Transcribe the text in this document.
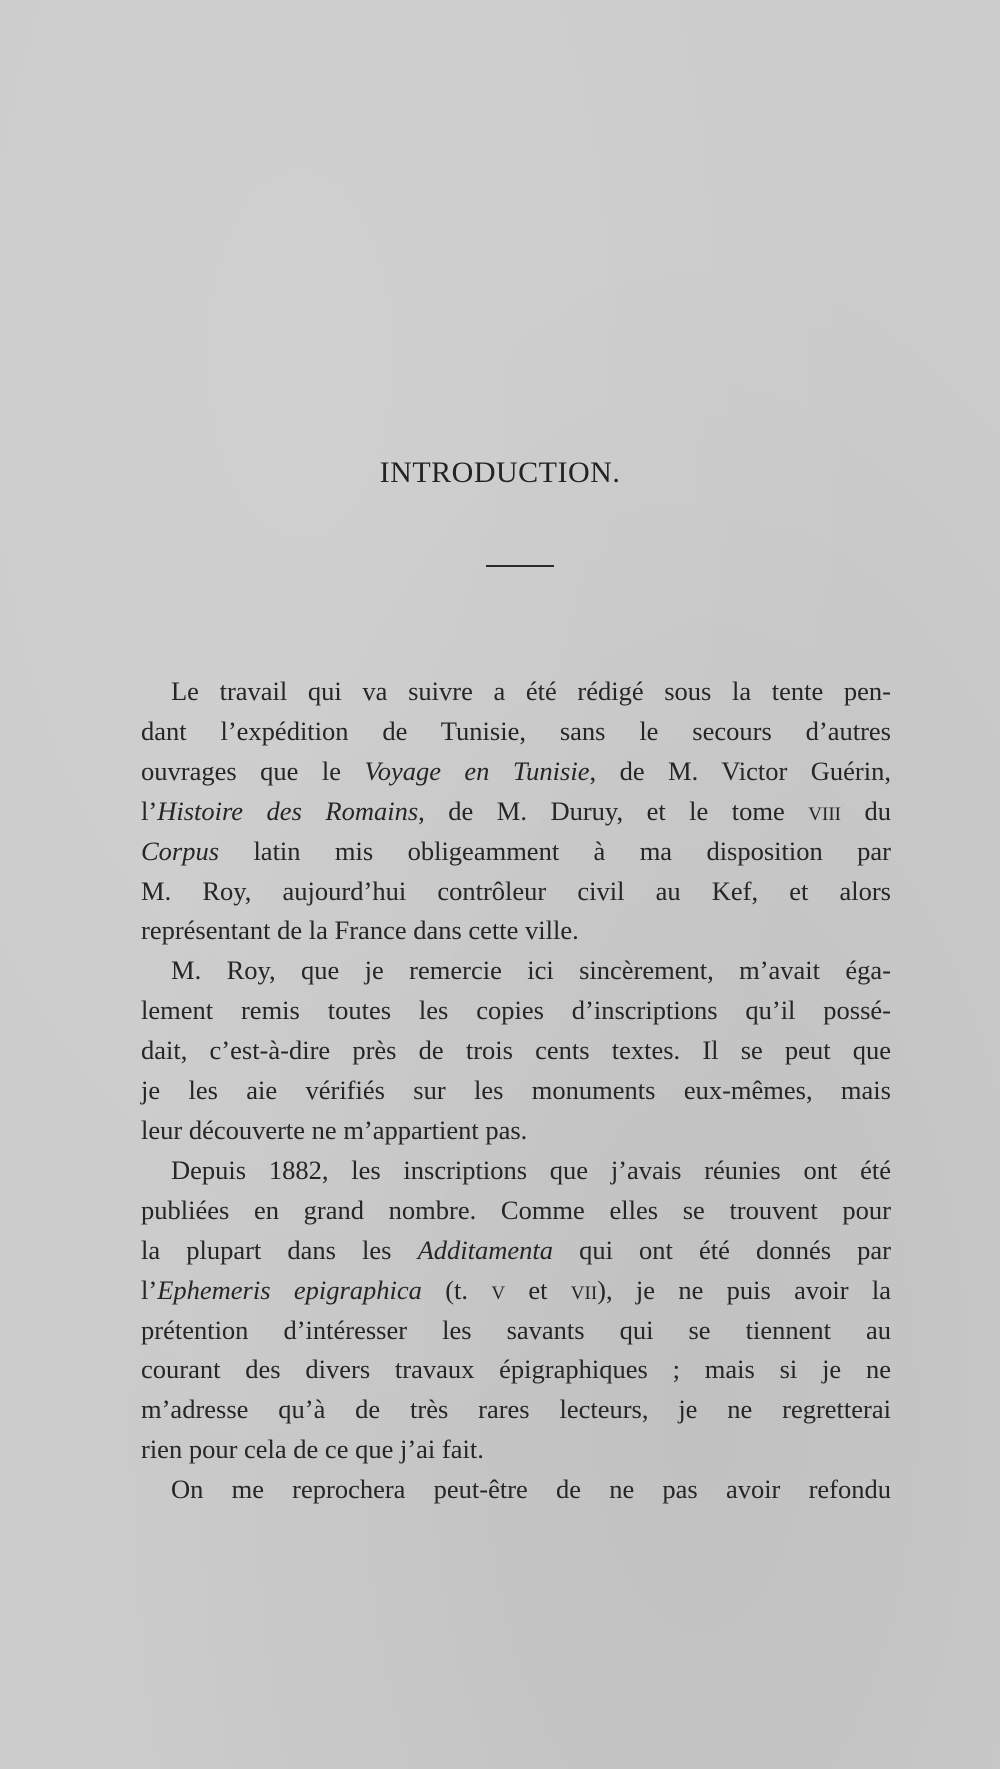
INTRODUCTION.
Le travail qui va suivre a été rédigé sous la tente pen-
dant l’expédition de Tunisie, sans le secours d’autres
ouvrages que le Voyage en Tunisie, de M. Victor Guérin,
l’Histoire des Romains, de M. Duruy, et le tome viii du
Corpus latin mis obligeamment à ma disposition par
M. Roy, aujourd’hui contrôleur civil au Kef, et alors
représentant de la France dans cette ville.
M. Roy, que je remercie ici sincèrement, m’avait éga-
lement remis toutes les copies d’inscriptions qu’il possé-
dait, c’est-à-dire près de trois cents textes. Il se peut que
je les aie vérifiés sur les monuments eux-mêmes, mais
leur découverte ne m’appartient pas.
Depuis 1882, les inscriptions que j’avais réunies ont été
publiées en grand nombre. Comme elles se trouvent pour
la plupart dans les Additamenta qui ont été donnés par
l’Ephemeris epigraphica (t. v et vii), je ne puis avoir la
prétention d’intéresser les savants qui se tiennent au
courant des divers travaux épigraphiques ; mais si je ne
m’adresse qu’à de très rares lecteurs, je ne regretterai
rien pour cela de ce que j’ai fait.
On me reprochera peut-être de ne pas avoir refondu
